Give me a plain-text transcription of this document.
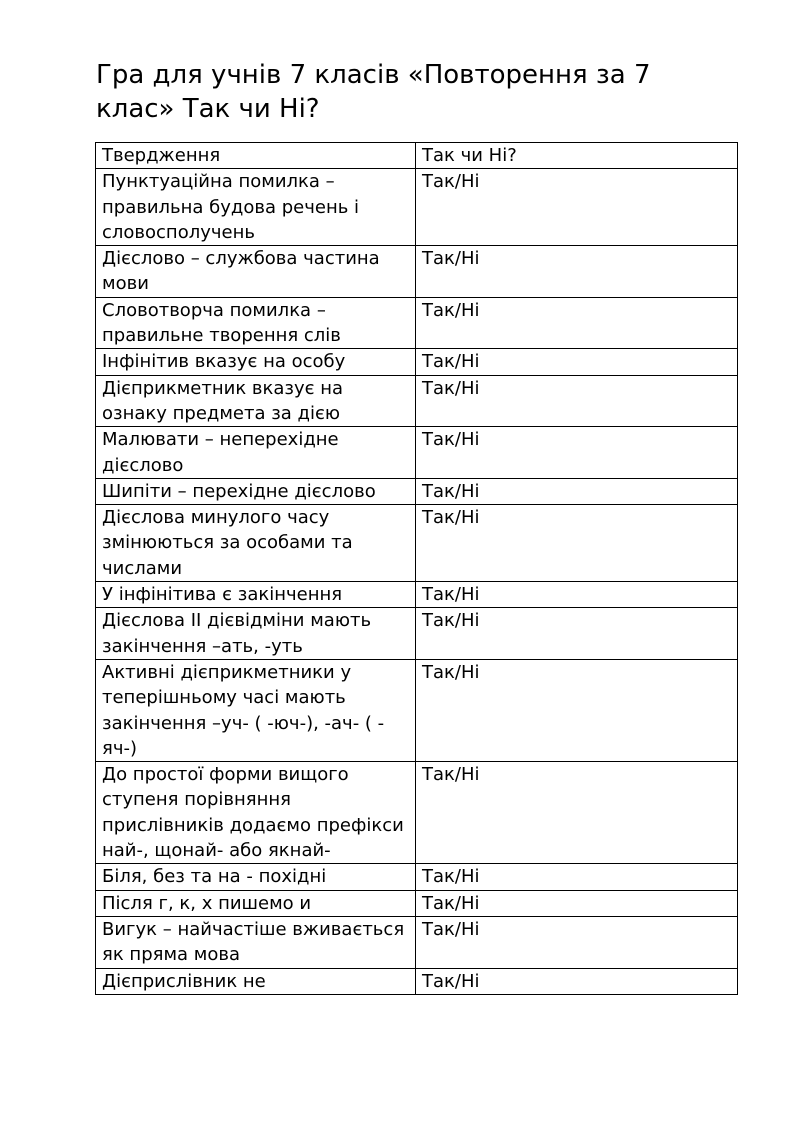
Гра для учнів 7 класів «Повторення за 7 клас» Так чи Ні?
Твердження	Так чи Ні?
Пунктуаційна помилка – правильна будова речень і словосполучень	Так/Ні
Дієслово – службова частина мови	Так/Ні
Словотворча помилка – правильне творення слів	Так/Ні
Інфінітив вказує на особу	Так/Ні
Дієприкметник вказує на ознаку предмета за дією	Так/Ні
Малювати – неперехідне дієслово	Так/Ні
Шипіти – перехідне дієслово	Так/Ні
Дієслова минулого часу змінюються за особами та числами	Так/Ні
У інфінітива є закінчення	Так/Ні
Дієслова ІІ дієвідміни мають закінчення –ать, -уть	Так/Ні
Активні дієприкметники у теперішньому часі мають закінчення –уч- ( -юч-), -ач- ( - яч-)	Так/Ні
До простої форми вищого ступеня порівняння прислівників додаємо префікси най-, щонай- або якнай-	Так/Ні
Біля, без та на - похідні	Так/Ні
Після г, к, х пишемо и	Так/Ні
Вигук – найчастіше вживається як пряма мова	Так/Ні
Дієприслівник не	Так/Ні
